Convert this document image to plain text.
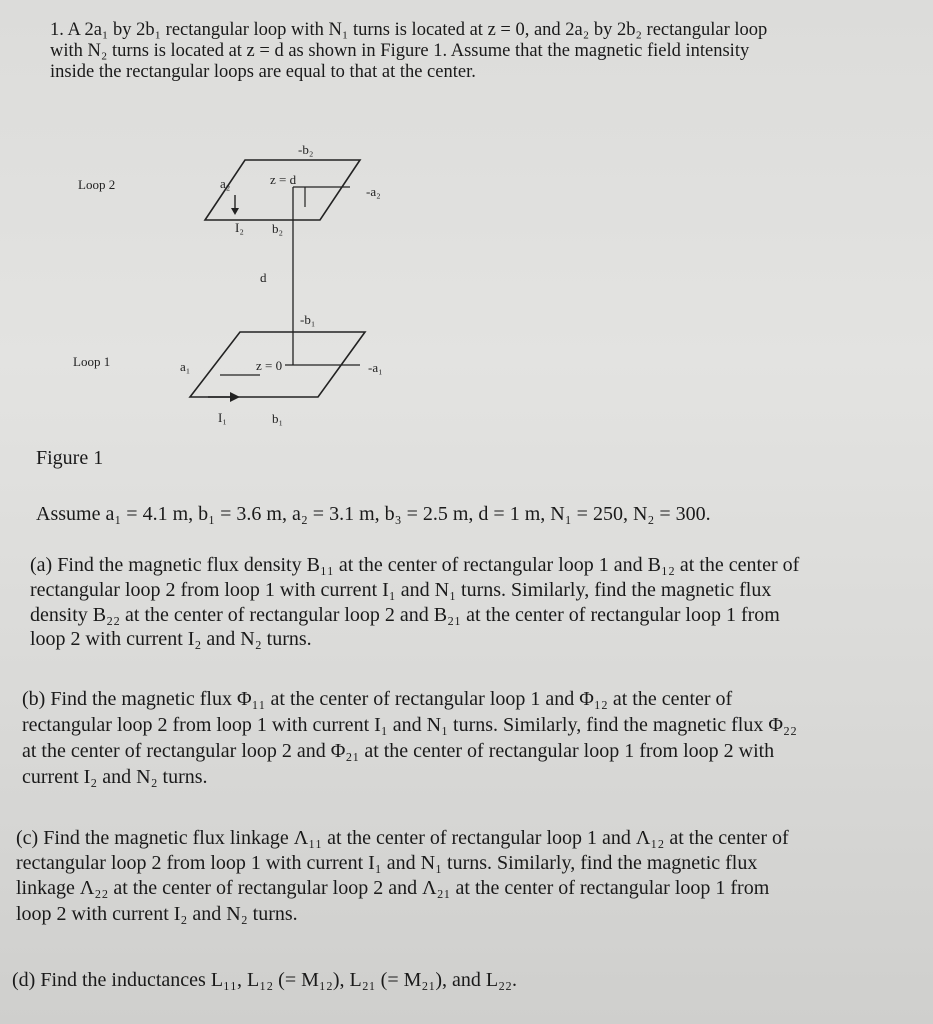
1. A 2a₁ by 2b₁ rectangular loop with N₁ turns is located at z = 0, and 2a₂ by 2b₂ rectangular loop
with N₂ turns is located at z = d as shown in Figure 1. Assume that the magnetic field intensity
inside the rectangular loops are equal to that at the center.
Loop 2
Loop 1
-b₂
z = d
a₂
-a₂
I₂ b₂
d
-b₁
a₁	z = 0	-a₁
I₁	b₁
Figure 1
Assume a₁ = 4.1 m, b₁ = 3.6 m, a₂ = 3.1 m, b₃ = 2.5 m, d = 1 m, N₁ = 250, N₂ = 300.
(a) Find the magnetic flux density B₁₁ at the center of rectangular loop 1 and B₁₂ at the center of
rectangular loop 2 from loop 1 with current I₁ and N₁ turns. Similarly, find the magnetic flux
density B₂₂ at the center of rectangular loop 2 and B₂₁ at the center of rectangular loop 1 from
loop 2 with current I₂ and N₂ turns.
(b) Find the magnetic flux Φ₁₁ at the center of rectangular loop 1 and Φ₁₂ at the center of
rectangular loop 2 from loop 1 with current I₁ and N₁ turns. Similarly, find the magnetic flux Φ₂₂
at the center of rectangular loop 2 and Φ₂₁ at the center of rectangular loop 1 from loop 2 with
current I₂ and N₂ turns.
(c) Find the magnetic flux linkage Λ₁₁ at the center of rectangular loop 1 and Λ₁₂ at the center of
rectangular loop 2 from loop 1 with current I₁ and N₁ turns. Similarly, find the magnetic flux
linkage Λ₂₂ at the center of rectangular loop 2 and Λ₂₁ at the center of rectangular loop 1 from
loop 2 with current I₂ and N₂ turns.
(d) Find the inductances L₁₁, L₁₂ (= M₁₂), L₂₁ (= M₂₁), and L₂₂.
